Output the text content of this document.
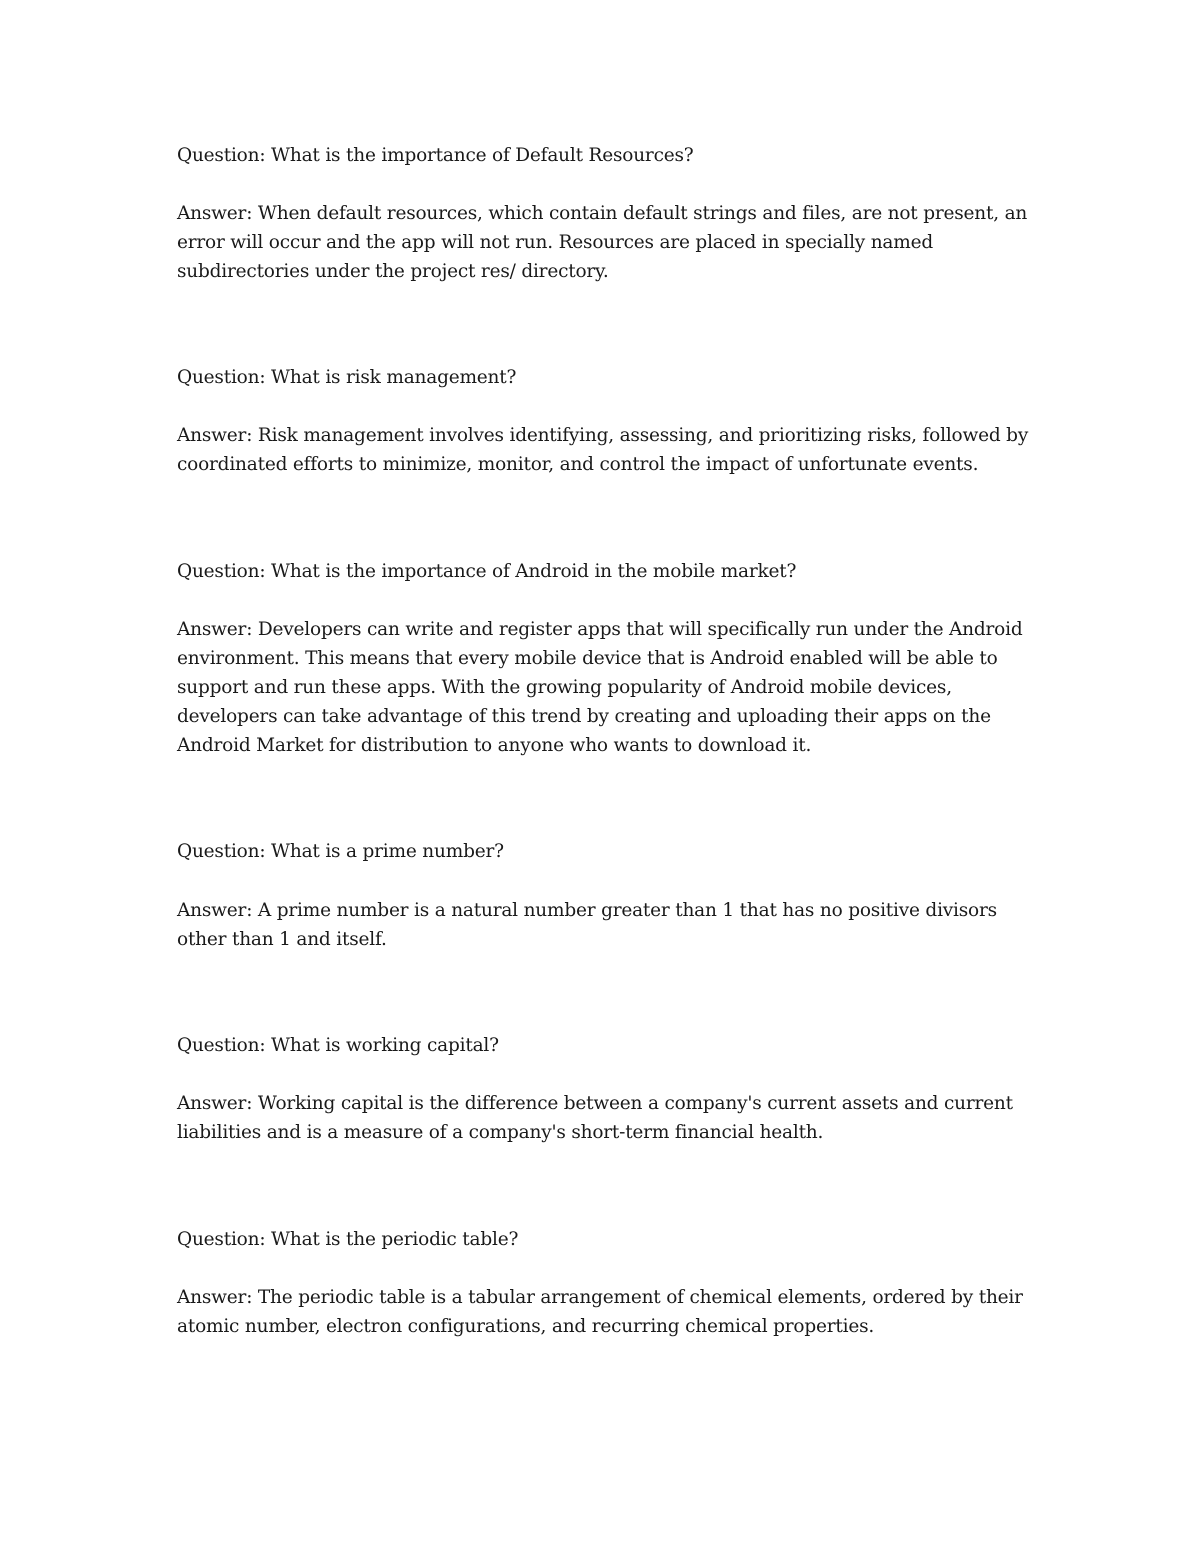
Question: What is the importance of Default Resources?

Answer: When default resources, which contain default strings and files, are not present, an error will occur and the app will not run. Resources are placed in specially named subdirectories under the project res/ directory.

Question: What is risk management?

Answer: Risk management involves identifying, assessing, and prioritizing risks, followed by coordinated efforts to minimize, monitor, and control the impact of unfortunate events.

Question: What is the importance of Android in the mobile market?

Answer: Developers can write and register apps that will specifically run under the Android environment. This means that every mobile device that is Android enabled will be able to support and run these apps. With the growing popularity of Android mobile devices, developers can take advantage of this trend by creating and uploading their apps on the Android Market for distribution to anyone who wants to download it.

Question: What is a prime number?

Answer: A prime number is a natural number greater than 1 that has no positive divisors other than 1 and itself.

Question: What is working capital?

Answer: Working capital is the difference between a company's current assets and current liabilities and is a measure of a company's short-term financial health.

Question: What is the periodic table?

Answer: The periodic table is a tabular arrangement of chemical elements, ordered by their atomic number, electron configurations, and recurring chemical properties.
